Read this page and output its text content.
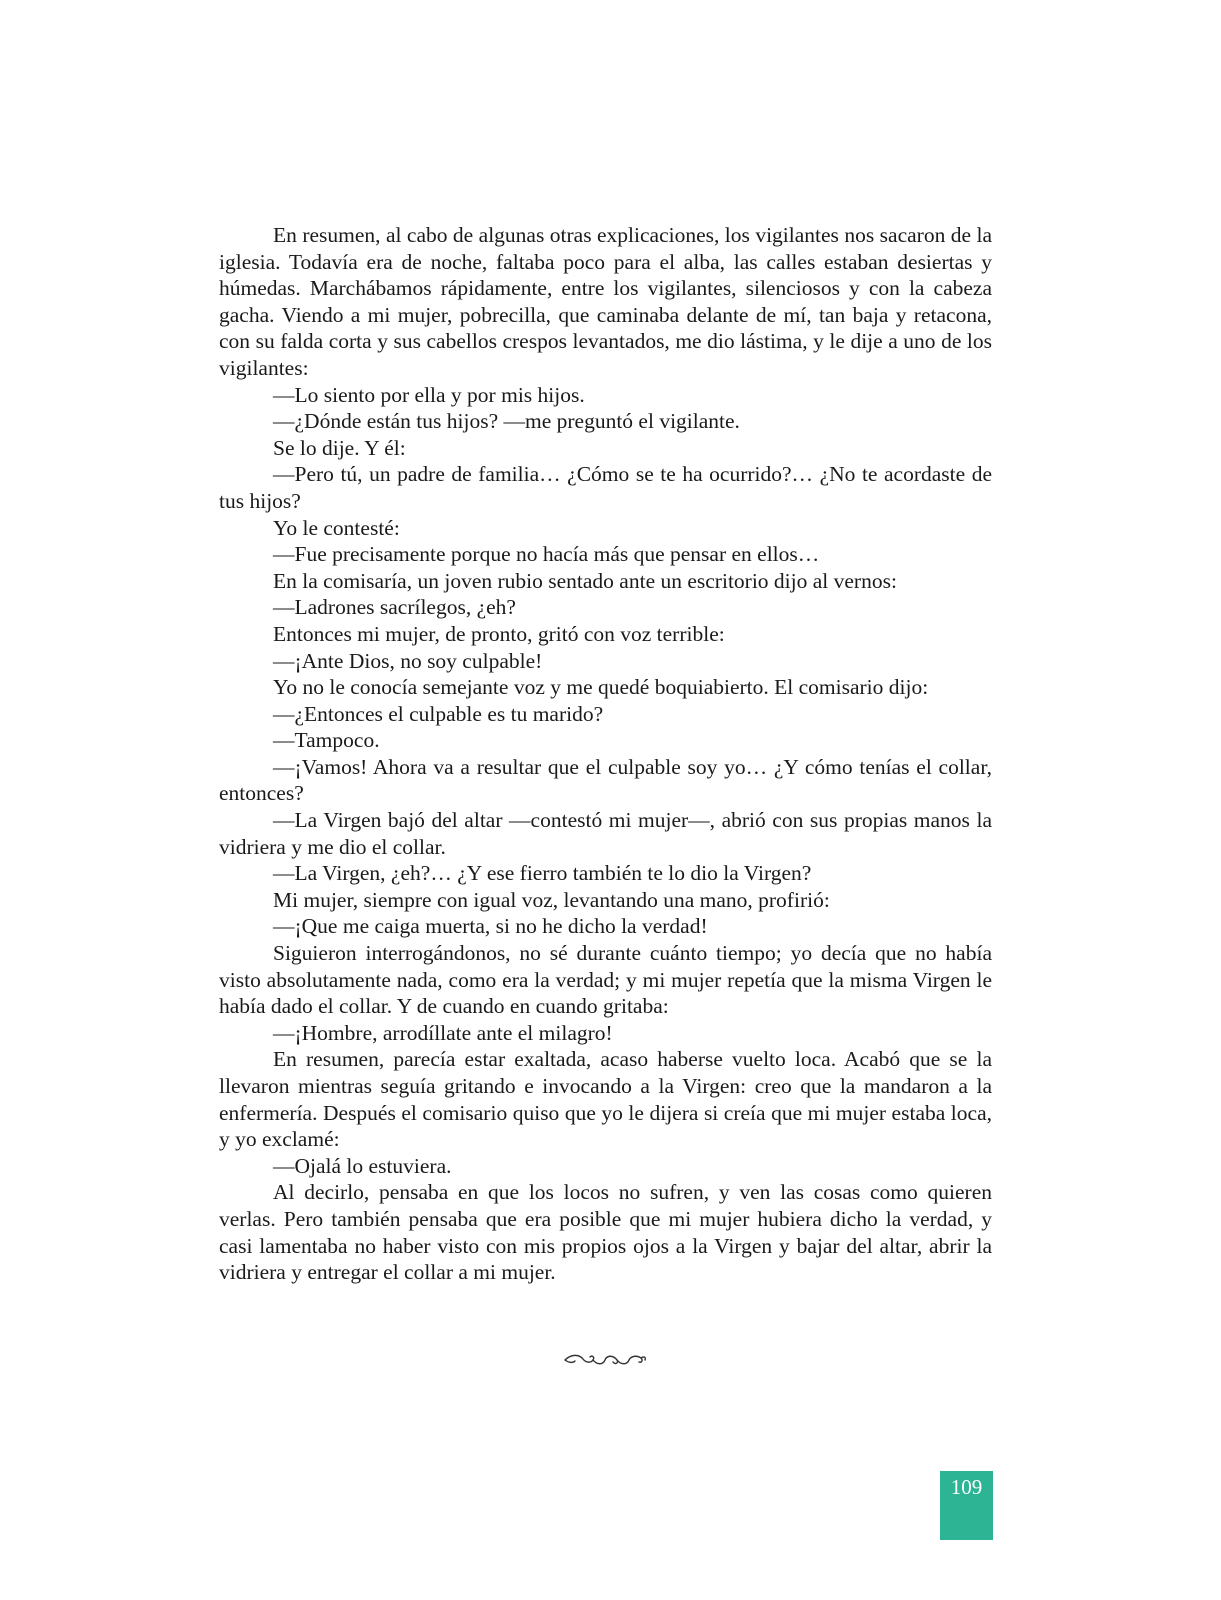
En resumen, al cabo de algunas otras explicaciones, los vigilantes nos sacaron de la iglesia. Todavía era de noche, faltaba poco para el alba, las calles estaban desiertas y húmedas. Marchábamos rápidamente, entre los vigilantes, silenciosos y con la cabeza gacha. Viendo a mi mujer, pobrecilla, que caminaba delante de mí, tan baja y retacona, con su falda corta y sus cabellos crespos levantados, me dio lástima, y le dije a uno de los vigilantes:

—Lo siento por ella y por mis hijos.

—¿Dónde están tus hijos? —me preguntó el vigilante.

Se lo dije. Y él:

—Pero tú, un padre de familia… ¿Cómo se te ha ocurrido?… ¿No te acordaste de tus hijos?

Yo le contesté:

—Fue precisamente porque no hacía más que pensar en ellos…

En la comisaría, un joven rubio sentado ante un escritorio dijo al vernos:

—Ladrones sacrílegos, ¿eh?

Entonces mi mujer, de pronto, gritó con voz terrible:

—¡Ante Dios, no soy culpable!

Yo no le conocía semejante voz y me quedé boquiabierto. El comisario dijo:

—¿Entonces el culpable es tu marido?

—Tampoco.

—¡Vamos! Ahora va a resultar que el culpable soy yo… ¿Y cómo tenías el collar, entonces?

—La Virgen bajó del altar —contestó mi mujer—, abrió con sus propias manos la vidriera y me dio el collar.

—La Virgen, ¿eh?… ¿Y ese fierro también te lo dio la Virgen?

Mi mujer, siempre con igual voz, levantando una mano, profirió:

—¡Que me caiga muerta, si no he dicho la verdad!

Siguieron interrogándonos, no sé durante cuánto tiempo; yo decía que no había visto absolutamente nada, como era la verdad; y mi mujer repetía que la misma Virgen le había dado el collar. Y de cuando en cuando gritaba:

—¡Hombre, arrodíllate ante el milagro!

En resumen, parecía estar exaltada, acaso haberse vuelto loca. Acabó que se la llevaron mientras seguía gritando e invocando a la Virgen: creo que la mandaron a la enfermería. Después el comisario quiso que yo le dijera si creía que mi mujer estaba loca, y yo exclamé:

—Ojalá lo estuviera.

Al decirlo, pensaba en que los locos no sufren, y ven las cosas como quieren verlas. Pero también pensaba que era posible que mi mujer hubiera dicho la verdad, y casi lamentaba no haber visto con mis propios ojos a la Virgen y bajar del altar, abrir la vidriera y entregar el collar a mi mujer.

109
